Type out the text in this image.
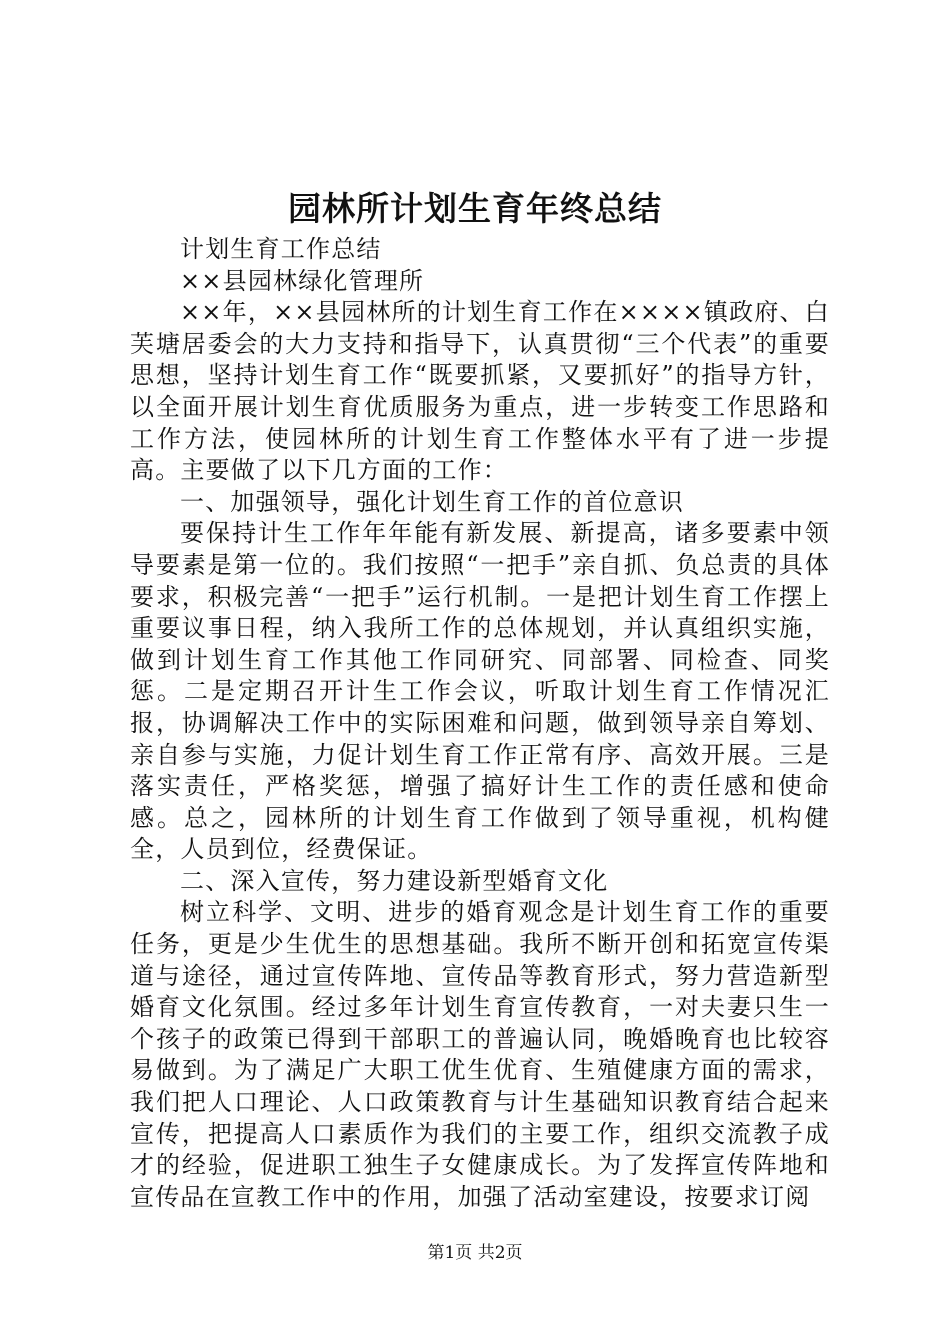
园林所计划生育年终总结

计划生育工作总结

××县园林绿化管理所

××年，××县园林所的计划生育工作在××××镇政府、白芙塘居委会的大力支持和指导下，认真贯彻“三个代表”的重要思想，坚持计划生育工作“既要抓紧，又要抓好”的指导方针，以全面开展计划生育优质服务为重点，进一步转变工作思路和工作方法，使园林所的计划生育工作整体水平有了进一步提高。主要做了以下几方面的工作：

一、加强领导，强化计划生育工作的首位意识

要保持计生工作年年能有新发展、新提高，诸多要素中领导要素是第一位的。我们按照“一把手”亲自抓、负总责的具体要求，积极完善“一把手”运行机制。一是把计划生育工作摆上重要议事日程，纳入我所工作的总体规划，并认真组织实施，做到计划生育工作其他工作同研究、同部署、同检查、同奖惩。二是定期召开计生工作会议，听取计划生育工作情况汇报，协调解决工作中的实际困难和问题，做到领导亲自筹划、亲自参与实施，力促计划生育工作正常有序、高效开展。三是落实责任，严格奖惩，增强了搞好计生工作的责任感和使命感。总之，园林所的计划生育工作做到了领导重视，机构健全，人员到位，经费保证。

二、深入宣传，努力建设新型婚育文化

树立科学、文明、进步的婚育观念是计划生育工作的重要任务，更是少生优生的思想基础。我所不断开创和拓宽宣传渠道与途径，通过宣传阵地、宣传品等教育形式，努力营造新型婚育文化氛围。经过多年计划生育宣传教育，一对夫妻只生一个孩子的政策已得到干部职工的普遍认同，晚婚晚育也比较容易做到。为了满足广大职工优生优育、生殖健康方面的需求，我们把人口理论、人口政策教育与计生基础知识教育结合起来宣传，把提高人口素质作为我们的主要工作，组织交流教子成才的经验，促进职工独生子女健康成长。为了发挥宣传阵地和宣传品在宣教工作中的作用，加强了活动室建设，按要求订阅

第1页 共2页
